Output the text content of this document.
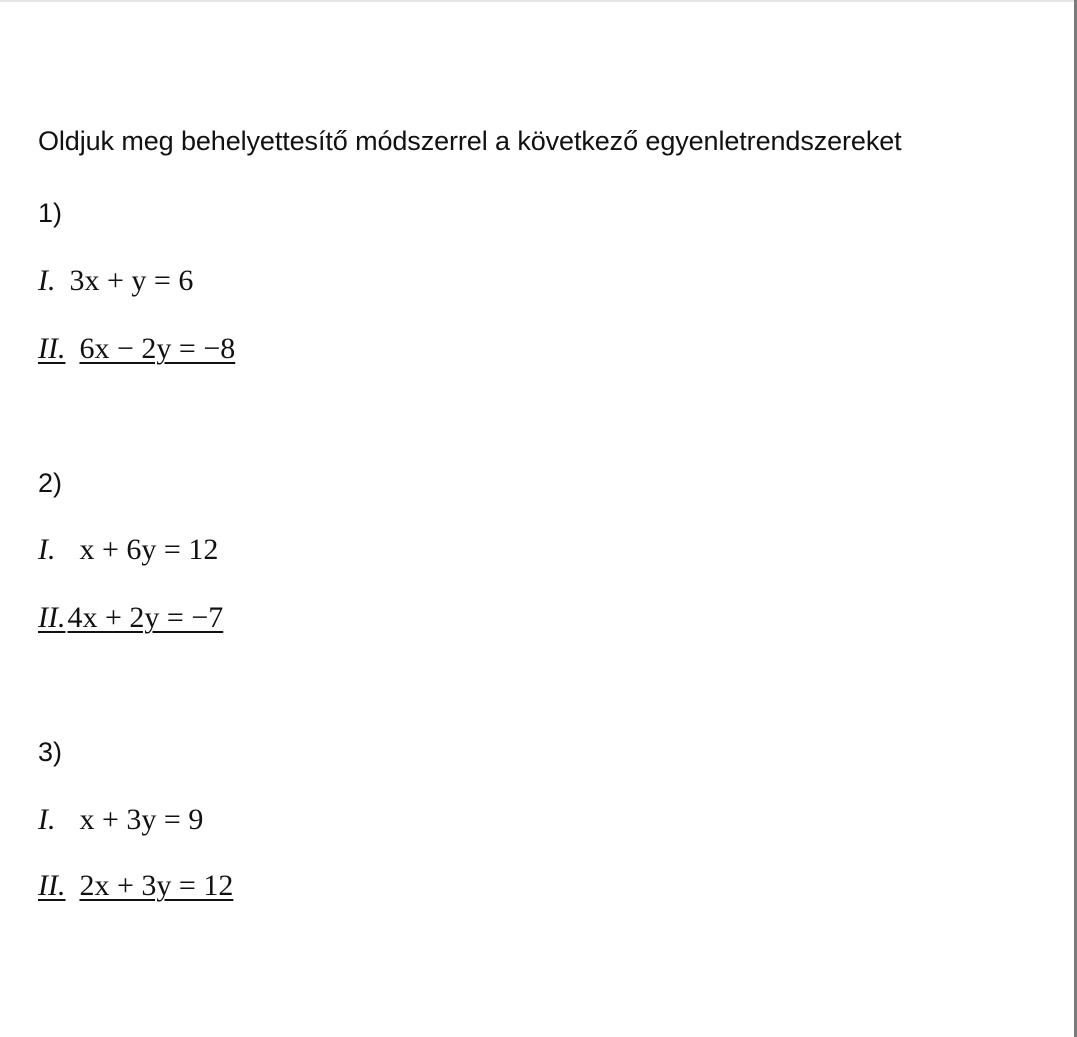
Oldjuk meg behelyettesítő módszerrel a következő egyenletrendszereket
1)
I. 3x + y = 6
II. 6x − 2y = −8
2)
I. x + 6y = 12
II.4x + 2y = −7
3)
I. x + 3y = 9
II. 2x + 3y = 12
